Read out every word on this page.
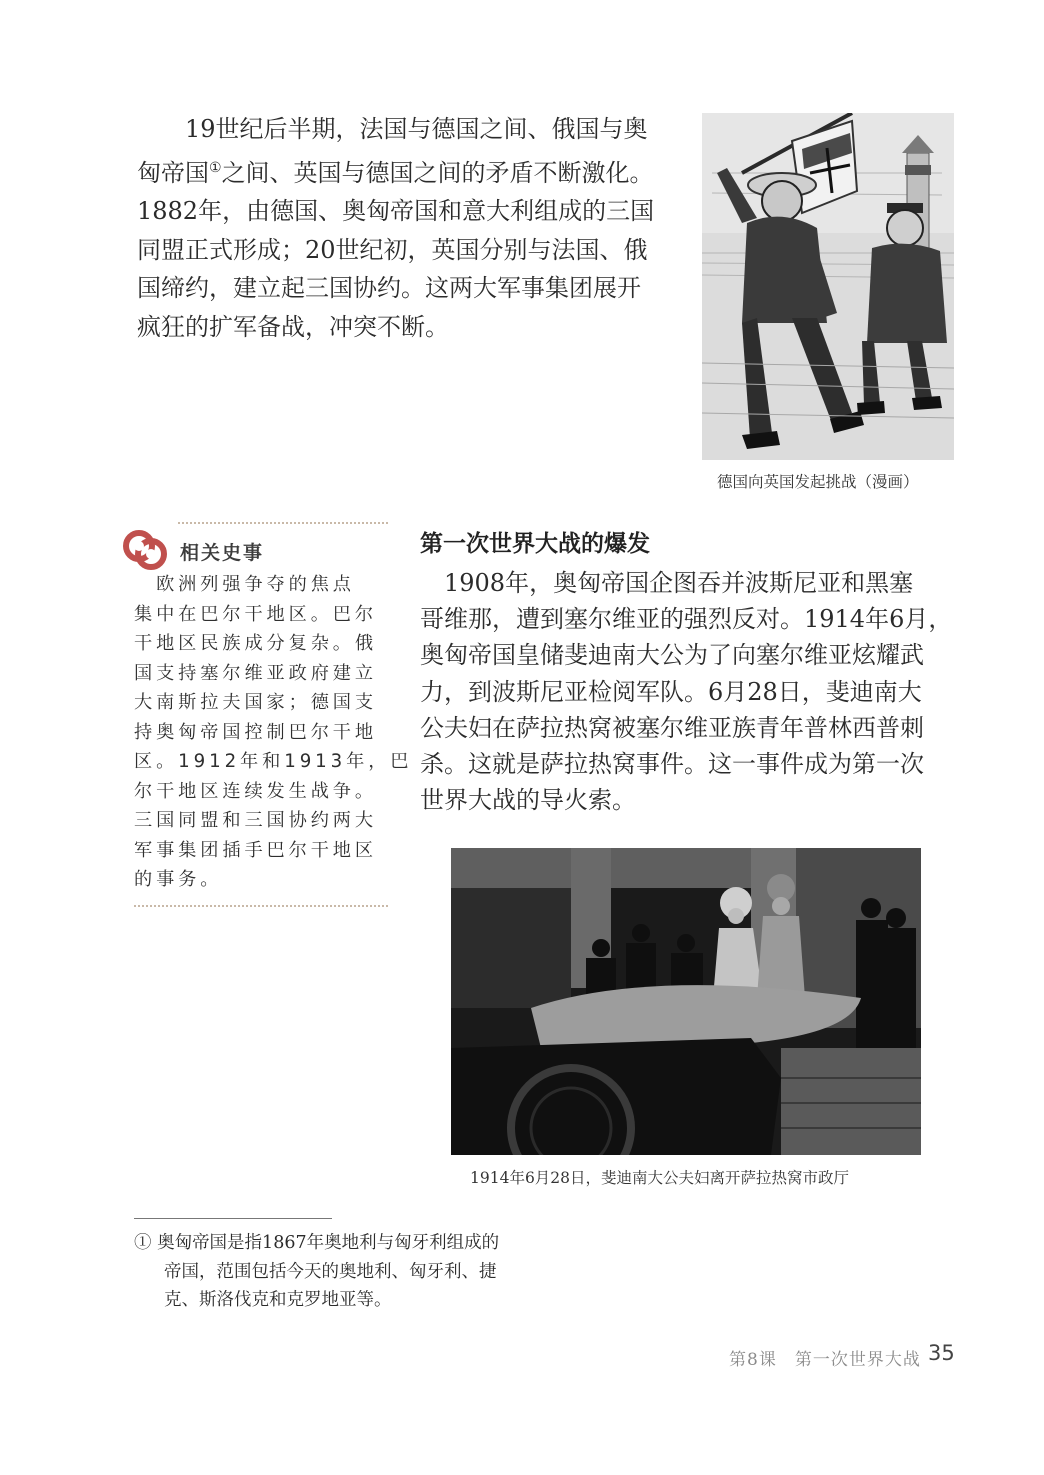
19世纪后半期，法国与德国之间、俄国与奥
匈帝国①之间、英国与德国之间的矛盾不断激化。
1882年，由德国、奥匈帝国和意大利组成的三国
同盟正式形成；20世纪初，英国分别与法国、俄
国缔约，建立起三国协约。这两大军事集团展开
疯狂的扩军备战，冲突不断。
德国向英国发起挑战（漫画）
相关史事
　欧洲列强争夺的焦点
集中在巴尔干地区。巴尔
干地区民族成分复杂。俄
国支持塞尔维亚政府建立
大南斯拉夫国家；德国支
持奥匈帝国控制巴尔干地
区。1912年和1913年，巴
尔干地区连续发生战争。
三国同盟和三国协约两大
军事集团插手巴尔干地区
的事务。
第一次世界大战的爆发
　1908年，奥匈帝国企图吞并波斯尼亚和黑塞
哥维那，遭到塞尔维亚的强烈反对。1914年6月，
奥匈帝国皇储斐迪南大公为了向塞尔维亚炫耀武
力，到波斯尼亚检阅军队。6月28日，斐迪南大
公夫妇在萨拉热窝被塞尔维亚族青年普林西普刺
杀。这就是萨拉热窝事件。这一事件成为第一次
世界大战的导火索。
1914年6月28日，斐迪南大公夫妇离开萨拉热窝市政厅
① 奥匈帝国是指1867年奥地利与匈牙利组成的
帝国，范围包括今天的奥地利、匈牙利、捷
克、斯洛伐克和克罗地亚等。
第8课　第一次世界大战 35
